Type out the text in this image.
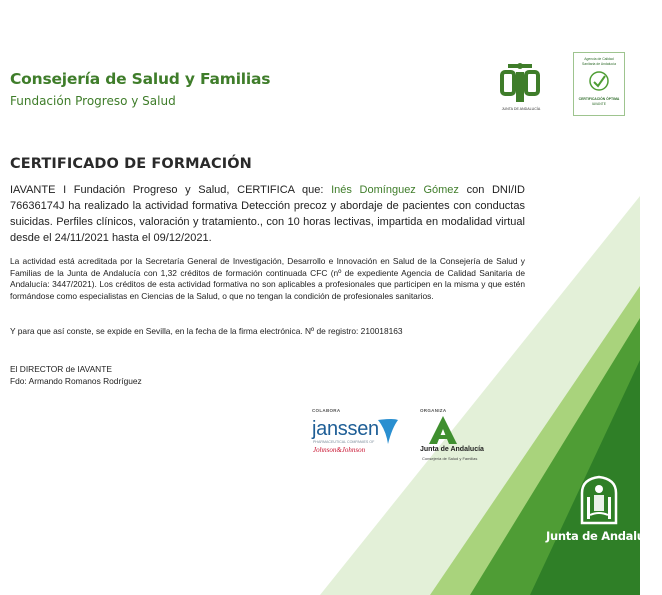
Consejería de Salud y Familias
Fundación Progreso y Salud
JUNTA DE ANDALUCÍA
Agencia de Calidad
Sanitaria de Andalucía
CERTIFICACIÓN ÓPTIMA
IAVANTE
CERTIFICADO DE FORMACIÓN
IAVANTE I Fundación Progreso y Salud, CERTIFICA que: Inés Domínguez Gómez con DNI/ID 76636174J ha realizado la actividad formativa Detección precoz y abordaje de pacientes con conductas suicidas. Perfiles clínicos, valoración y tratamiento., con 10 horas lectivas, impartida en modalidad virtual desde el 24/11/2021 hasta el 09/12/2021.
La actividad está acreditada por la Secretaría General de Investigación, Desarrollo e Innovación en Salud de la Consejería de Salud y Familias de la Junta de Andalucía con 1,32 créditos de formación continuada CFC (nº de expediente Agencia de Calidad Sanitaria de Andalucía: 3447/2021). Los créditos de esta actividad formativa no son aplicables a profesionales que participen en la misma y que estén formándose como especialistas en Ciencias de la Salud, o que no tengan la condición de profesionales sanitarios.
Y para que así conste, se expide en Sevilla, en la fecha de la firma electrónica. Nº de registro: 210018163
El DIRECTOR de IAVANTE
Fdo: Armando Romanos Rodríguez
COLABORA
janssen
PHARMACEUTICAL COMPANIES OF
Johnson&Johnson
ORGANIZA
Junta de Andalucía
Consejería de Salud y Familias
Junta de Andalucía
